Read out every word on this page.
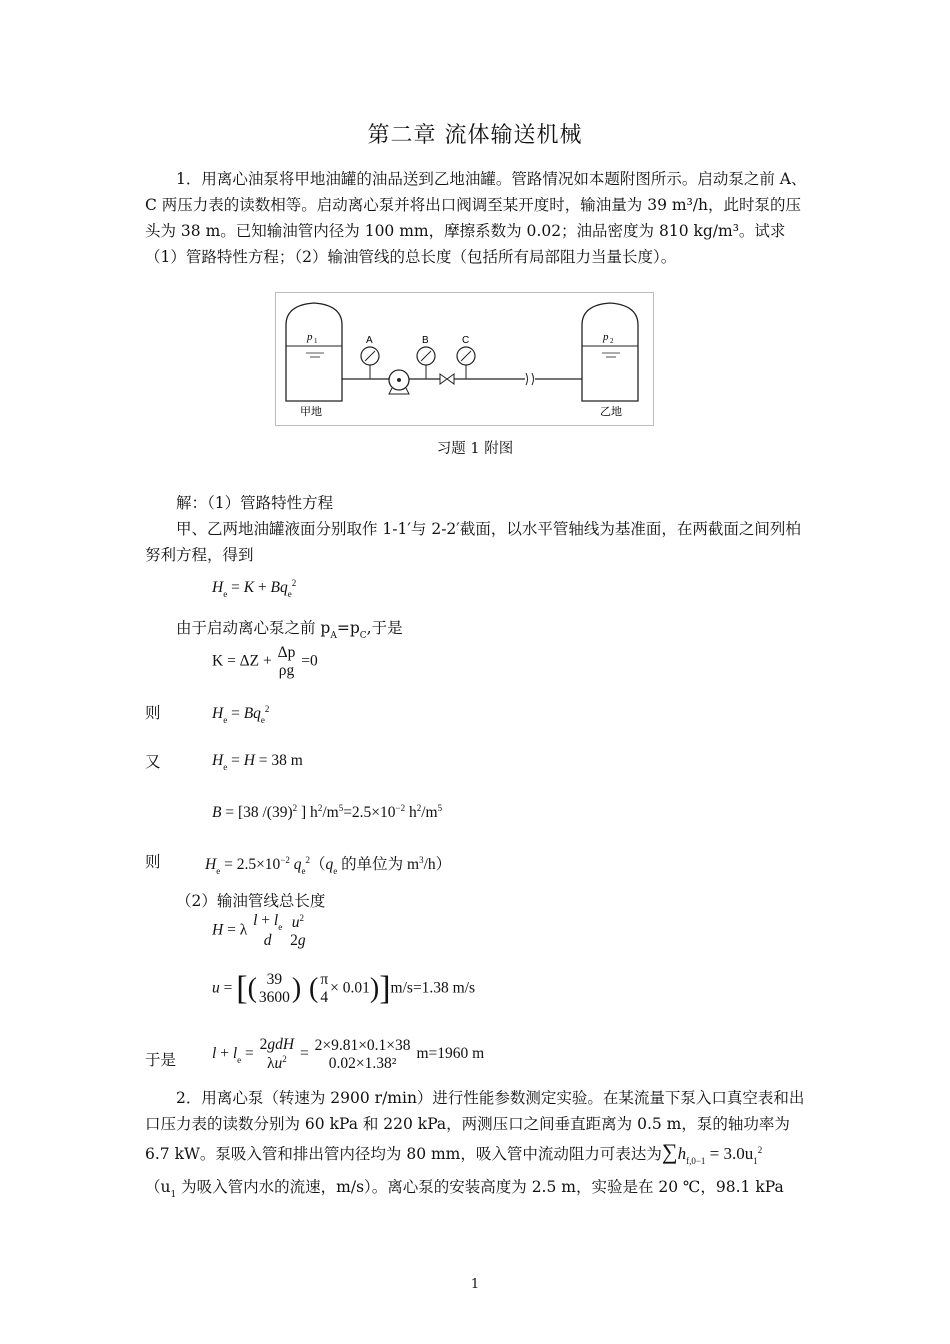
第二章 流体输送机械
1．用离心油泵将甲地油罐的油品送到乙地油罐。管路情况如本题附图所示。启动泵之前 A、C 两压力表的读数相等。启动离心泵并将出口阀调至某开度时，输油量为 39 m³/h，此时泵的压头为 38 m。已知输油管内径为 100 mm，摩擦系数为 0.02；油品密度为 810 kg/m³。试求（1）管路特性方程；（2）输油管线的总长度（包括所有局部阻力当量长度）。
p 1
甲地
p 2
乙地
A	B	C
习题 1 附图
解：（1）管路特性方程
甲、乙两地油罐液面分别取作 1-1′与 2-2′截面，以水平管轴线为基准面，在两截面之间列柏努利方程，得到
$H_e = K + Bq_e^2$
由于启动离心泵之前 $p_A=p_C$,于是
K = ΔZ +
Δp
ρg
=0
则	$H_e = Bq_e^2$
又	$H_e = H = 38$ m
B = [38 $/(39)^2$ ] $h^2/m^5=2.5\times 10^{-2}$ $h^2/m^5$
则	$H_e = 2.5\times 10^{-2}$ $q_e^2(q_e$ 的单位为 $m^3/h$）
（2）输油管线总长度
H = λ
$l + l_e$
d

$u^2$
2g
u = [( 39
3600 ) ( π
4
× 0.01)]m/s=1.38 m/s
于是 $l + l_e$ =
2gdH
$\lambda u^2$ =
2×9.81×0.1×38
0.02×1.38²
m=1960 m
2．用离心泵（转速为 2900 r/min）进行性能参数测定实验。在某流量下泵入口真空表和出口压力表的读数分别为 60 kPa 和 220 kPa，两测压口之间垂直距离为 0.5 m，泵的轴功率为 6.7 kW。泵吸入管和排出管内径均为 80 mm，吸入管中流动阻力可表达为$\sum h_{f,0-1} = 3.0u_1^2$
（$u_1$ 为吸入管内水的流速，m/s）。离心泵的安装高度为 2.5 m，实验是在 20 ℃，98.1 kPa
1
